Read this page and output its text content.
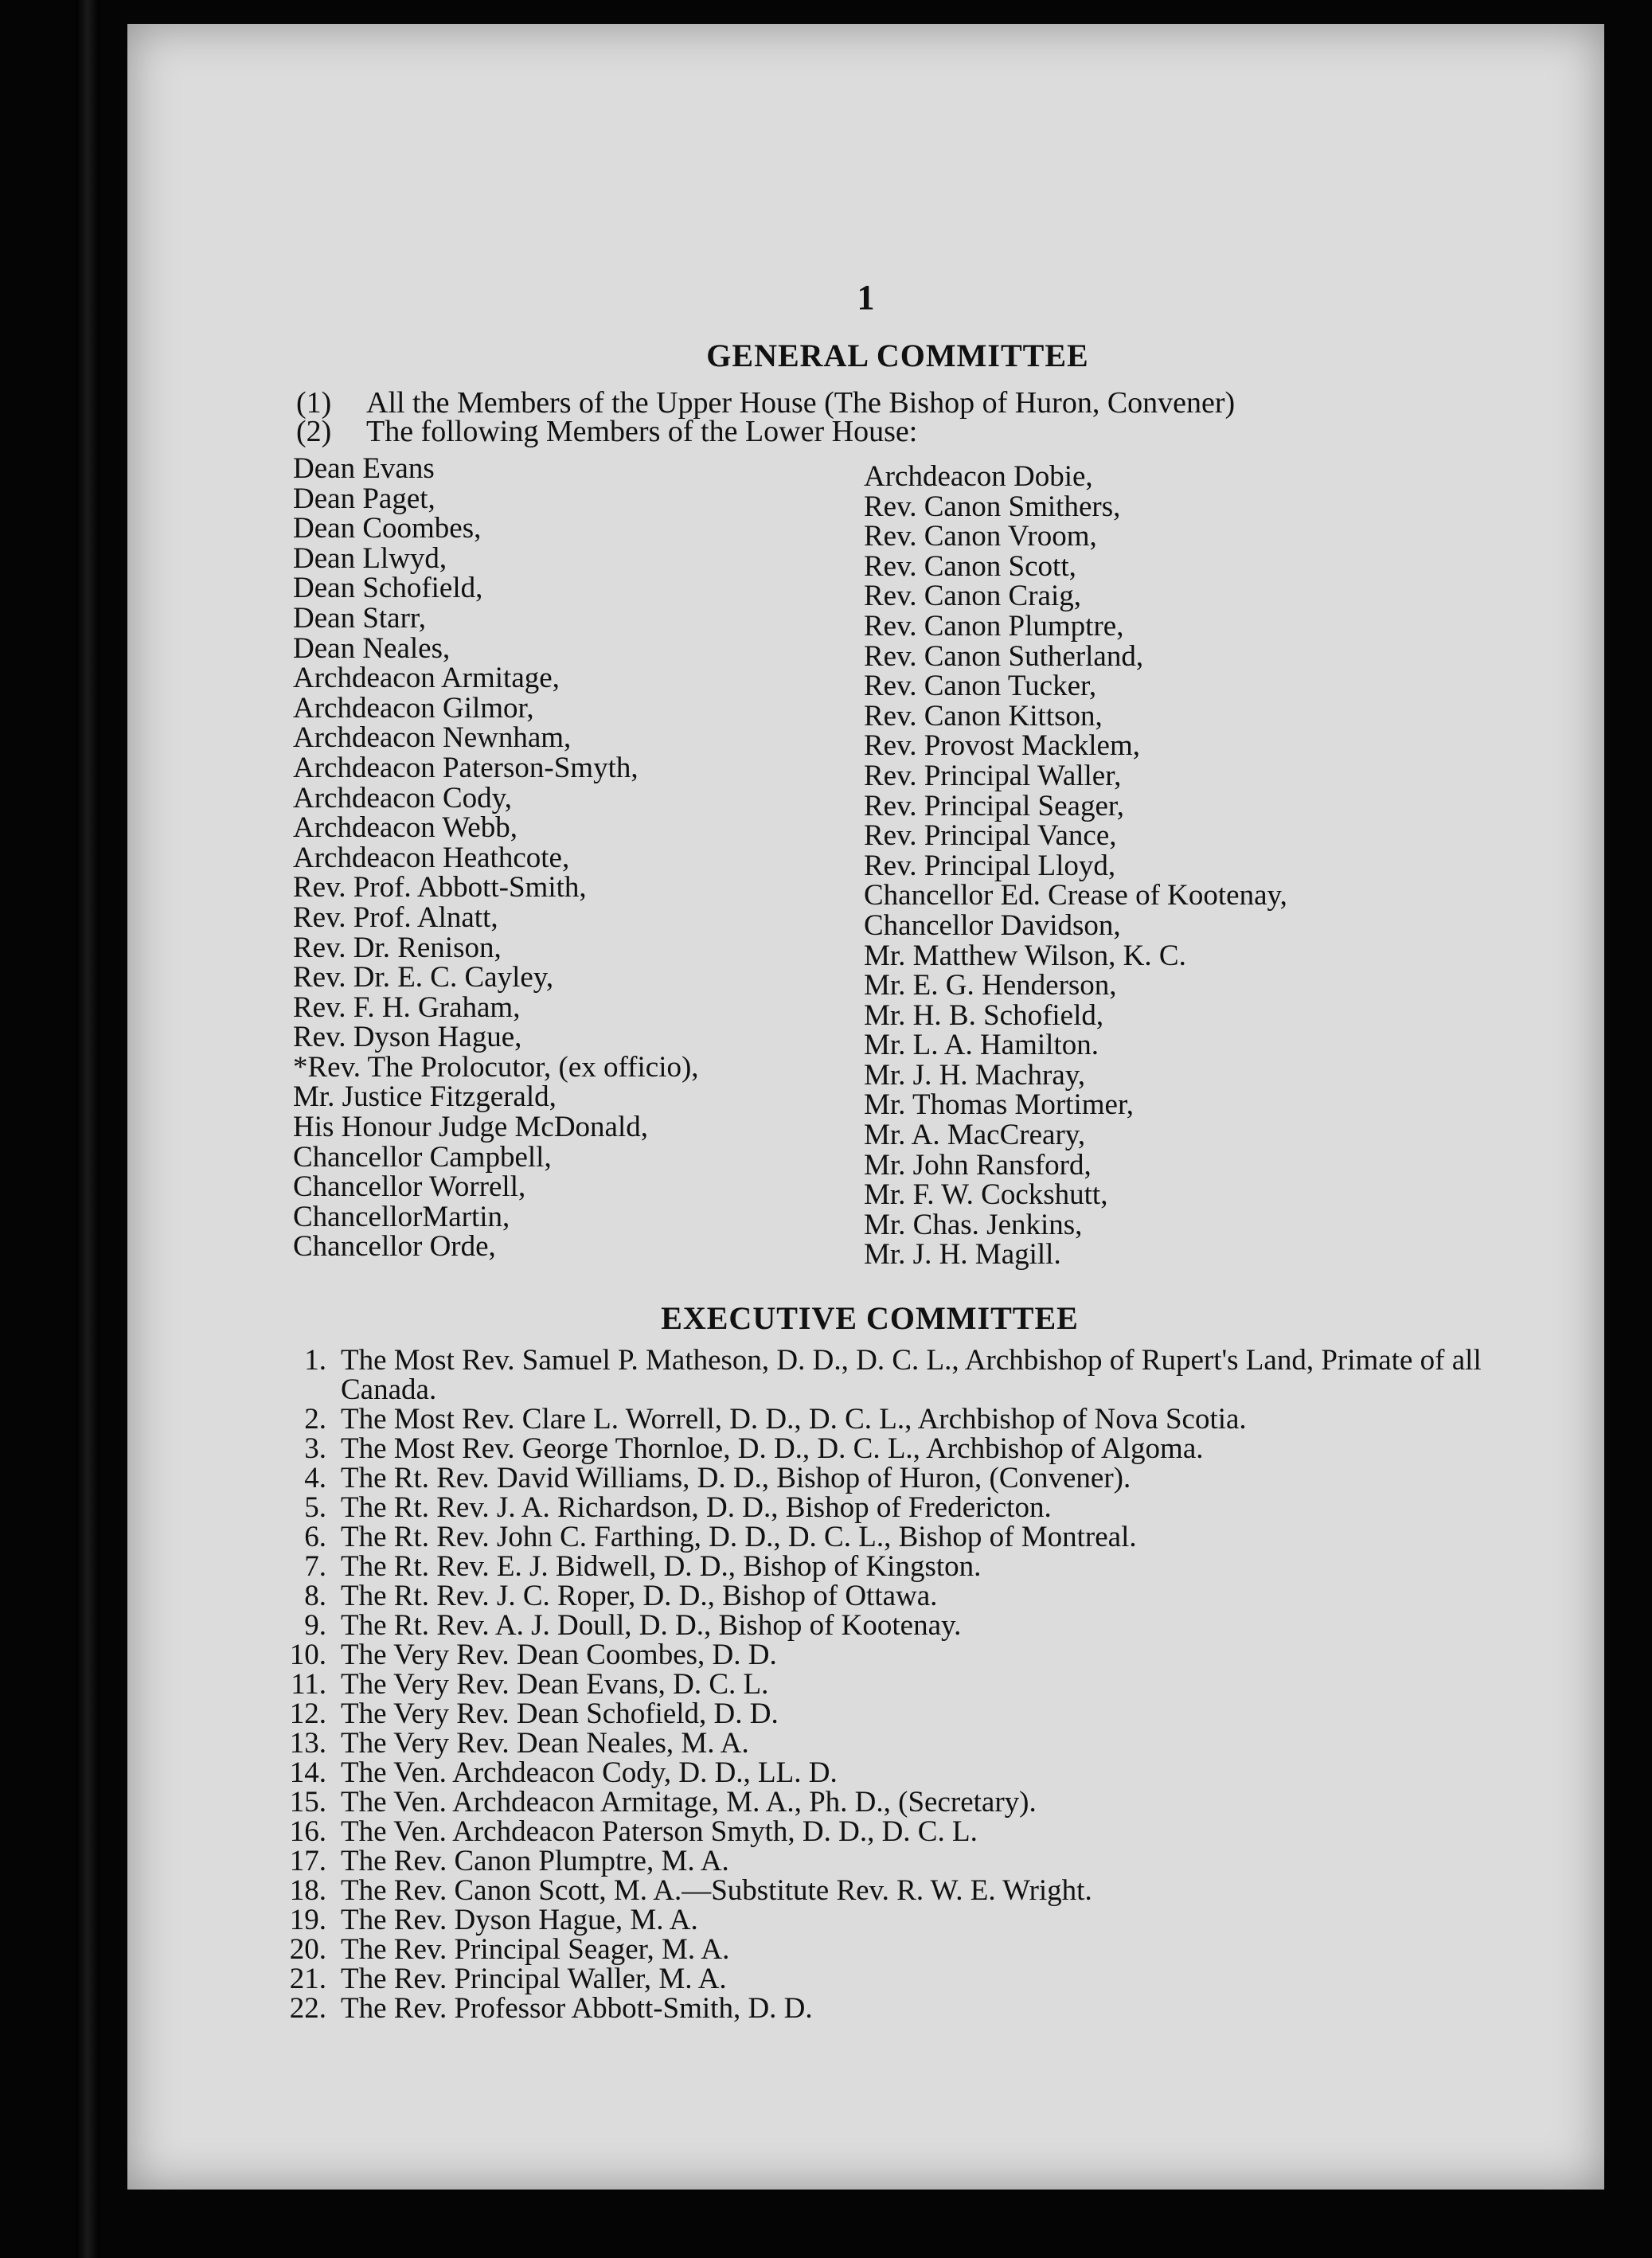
1
GENERAL COMMITTEE
(1)	All the Members of the Upper House (The Bishop of Huron, Convener)
(2)	The following Members of the Lower House:
Dean Evans
Dean Paget,
Dean Coombes,
Dean Llwyd,
Dean Schofield,
Dean Starr,
Dean Neales,
Archdeacon Armitage,
Archdeacon Gilmor,
Archdeacon Newnham,
Archdeacon Paterson-Smyth,
Archdeacon Cody,
Archdeacon Webb,
Archdeacon Heathcote,
Rev. Prof. Abbott-Smith,
Rev. Prof. Alnatt,
Rev. Dr. Renison,
Rev. Dr. E. C. Cayley,
Rev. F. H. Graham,
Rev. Dyson Hague,
*Rev. The Prolocutor, (ex officio),
Mr. Justice Fitzgerald,
His Honour Judge McDonald,
Chancellor Campbell,
Chancellor Worrell,
ChancellorMartin,
Chancellor Orde,
Archdeacon Dobie,
Rev. Canon Smithers,
Rev. Canon Vroom,
Rev. Canon Scott,
Rev. Canon Craig,
Rev. Canon Plumptre,
Rev. Canon Sutherland,
Rev. Canon Tucker,
Rev. Canon Kittson,
Rev. Provost Macklem,
Rev. Principal Waller,
Rev. Principal Seager,
Rev. Principal Vance,
Rev. Principal Lloyd,
Chancellor Ed. Crease of Kootenay,
Chancellor Davidson,
Mr. Matthew Wilson, K. C.
Mr. E. G. Henderson,
Mr. H. B. Schofield,
Mr. L. A. Hamilton.
Mr. J. H. Machray,
Mr. Thomas Mortimer,
Mr. A. MacCreary,
Mr. John Ransford,
Mr. F. W. Cockshutt,
Mr. Chas. Jenkins,
Mr. J. H. Magill.
EXECUTIVE COMMITTEE
1. The Most Rev. Samuel P. Matheson, D. D., D. C. L., Archbishop of Rupert's Land, Primate of all Canada.
2. The Most Rev. Clare L. Worrell, D. D., D. C. L., Archbishop of Nova Scotia.
3. The Most Rev. George Thornloe, D. D., D. C. L., Archbishop of Algoma.
4. The Rt. Rev. David Williams, D. D., Bishop of Huron, (Convener).
5. The Rt. Rev. J. A. Richardson, D. D., Bishop of Fredericton.
6. The Rt. Rev. John C. Farthing, D. D., D. C. L., Bishop of Montreal.
7. The Rt. Rev. E. J. Bidwell, D. D., Bishop of Kingston.
8. The Rt. Rev. J. C. Roper, D. D., Bishop of Ottawa.
9. The Rt. Rev. A. J. Doull, D. D., Bishop of Kootenay.
10. The Very Rev. Dean Coombes, D. D.
11. The Very Rev. Dean Evans, D. C. L.
12. The Very Rev. Dean Schofield, D. D.
13. The Very Rev. Dean Neales, M. A.
14. The Ven. Archdeacon Cody, D. D., LL. D.
15. The Ven. Archdeacon Armitage, M. A., Ph. D., (Secretary).
16. The Ven. Archdeacon Paterson Smyth, D. D., D. C. L.
17. The Rev. Canon Plumptre, M. A.
18. The Rev. Canon Scott, M. A.—Substitute Rev. R. W. E. Wright.
19. The Rev. Dyson Hague, M. A.
20. The Rev. Principal Seager, M. A.
21. The Rev. Principal Waller, M. A.
22. The Rev. Professor Abbott-Smith, D. D.
